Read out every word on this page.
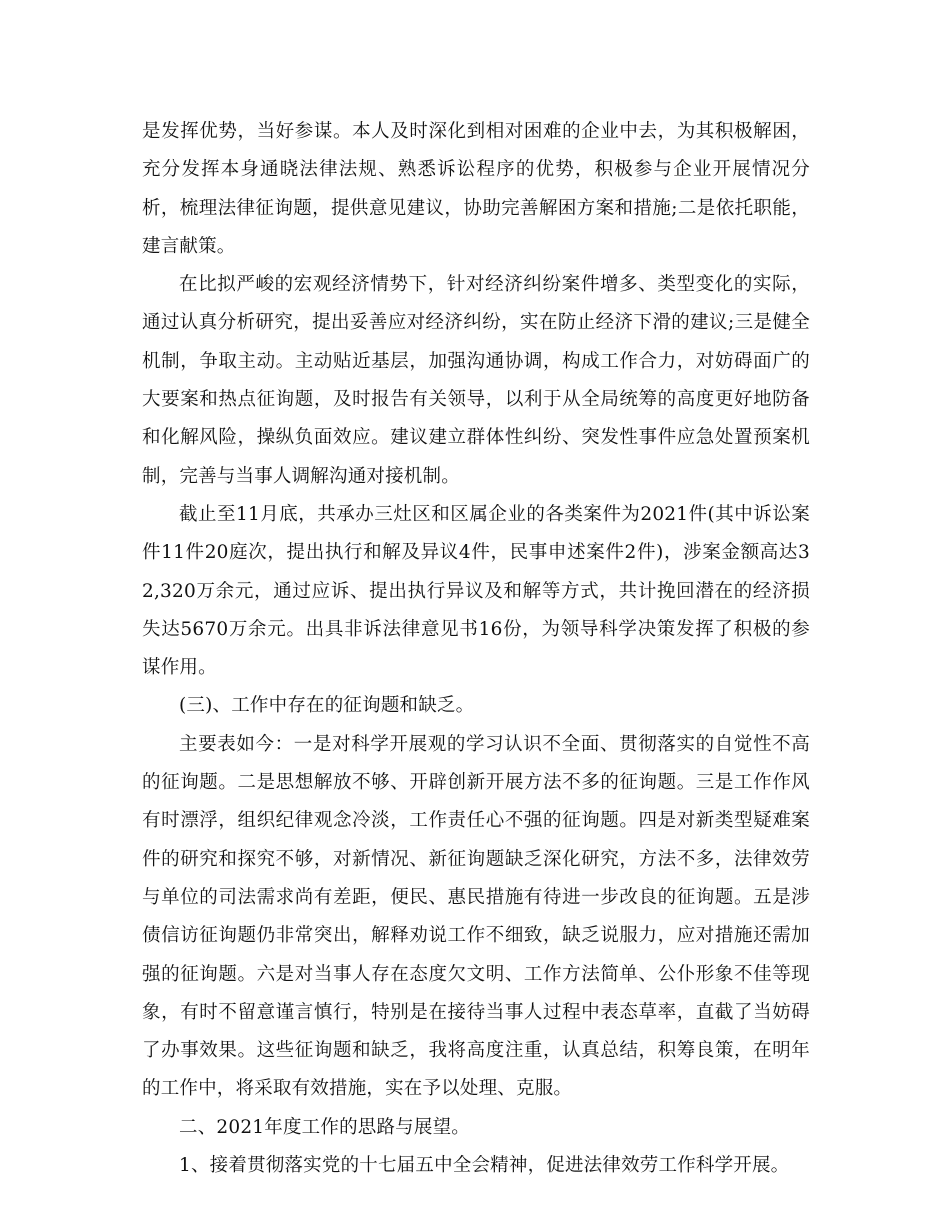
是发挥优势，当好参谋。本人及时深化到相对困难的企业中去，为其积极解困，充分发挥本身通晓法律法规、熟悉诉讼程序的优势，积极参与企业开展情况分析，梳理法律征询题，提供意见建议，协助完善解困方案和措施;二是依托职能，建言献策。

在比拟严峻的宏观经济情势下，针对经济纠纷案件增多、类型变化的实际，通过认真分析研究，提出妥善应对经济纠纷，实在防止经济下滑的建议;三是健全机制，争取主动。主动贴近基层，加强沟通协调，构成工作合力，对妨碍面广的大要案和热点征询题，及时报告有关领导，以利于从全局统筹的高度更好地防备和化解风险，操纵负面效应。建议建立群体性纠纷、突发性事件应急处置预案机制，完善与当事人调解沟通对接机制。

截止至11月底，共承办三灶区和区属企业的各类案件为2021件(其中诉讼案件11件20庭次，提出执行和解及异议4件，民事申述案件2件)，涉案金额高达32,320万余元，通过应诉、提出执行异议及和解等方式，共计挽回潜在的经济损失达5670万余元。出具非诉法律意见书16份，为领导科学决策发挥了积极的参谋作用。

(三)、工作中存在的征询题和缺乏。

主要表如今：一是对科学开展观的学习认识不全面、贯彻落实的自觉性不高的征询题。二是思想解放不够、开辟创新开展方法不多的征询题。三是工作作风有时漂浮，组织纪律观念冷淡，工作责任心不强的征询题。四是对新类型疑难案件的研究和探究不够，对新情况、新征询题缺乏深化研究，方法不多，法律效劳与单位的司法需求尚有差距，便民、惠民措施有待进一步改良的征询题。五是涉债信访征询题仍非常突出，解释劝说工作不细致，缺乏说服力，应对措施还需加强的征询题。六是对当事人存在态度欠文明、工作方法简单、公仆形象不佳等现象，有时不留意谨言慎行，特别是在接待当事人过程中表态草率，直截了当妨碍了办事效果。这些征询题和缺乏，我将高度注重，认真总结，积筹良策，在明年的工作中，将采取有效措施，实在予以处理、克服。

二、2021年度工作的思路与展望。

1、接着贯彻落实党的十七届五中全会精神，促进法律效劳工作科学开展。
